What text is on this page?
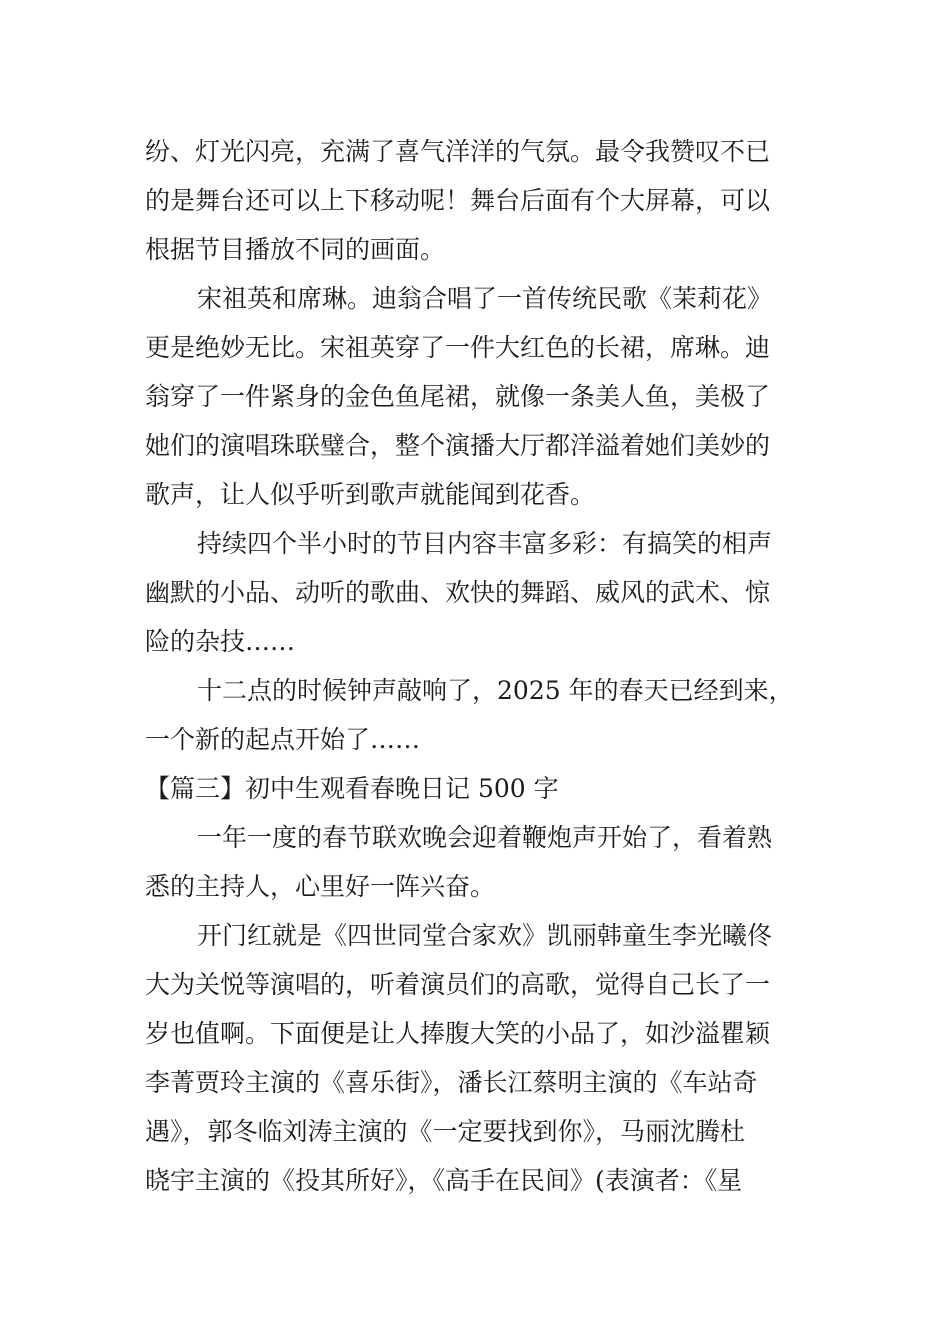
纷、灯光闪亮，充满了喜气洋洋的气氛。最令我赞叹不已
的是舞台还可以上下移动呢！舞台后面有个大屏幕，可以
根据节目播放不同的画面。
宋祖英和席琳。迪翁合唱了一首传统民歌《茉莉花》
更是绝妙无比。宋祖英穿了一件大红色的长裙，席琳。迪
翁穿了一件紧身的金色鱼尾裙，就像一条美人鱼，美极了
她们的演唱珠联璧合，整个演播大厅都洋溢着她们美妙的
歌声，让人似乎听到歌声就能闻到花香。
持续四个半小时的节目内容丰富多彩：有搞笑的相声
幽默的小品、动听的歌曲、欢快的舞蹈、威风的武术、惊
险的杂技……
十二点的时候钟声敲响了，2025 年的春天已经到来，
一个新的起点开始了……
【篇三】初中生观看春晚日记 500 字
一年一度的春节联欢晚会迎着鞭炮声开始了，看着熟
悉的主持人，心里好一阵兴奋。
开门红就是《四世同堂合家欢》凯丽韩童生李光曦佟
大为关悦等演唱的，听着演员们的高歌，觉得自己长了一
岁也值啊。下面便是让人捧腹大笑的小品了，如沙溢瞿颖
李菁贾玲主演的《喜乐街》，潘长江蔡明主演的《车站奇
遇》，郭冬临刘涛主演的《一定要找到你》，马丽沈腾杜
晓宇主演的《投其所好》，《高手在民间》(表演者：《星
